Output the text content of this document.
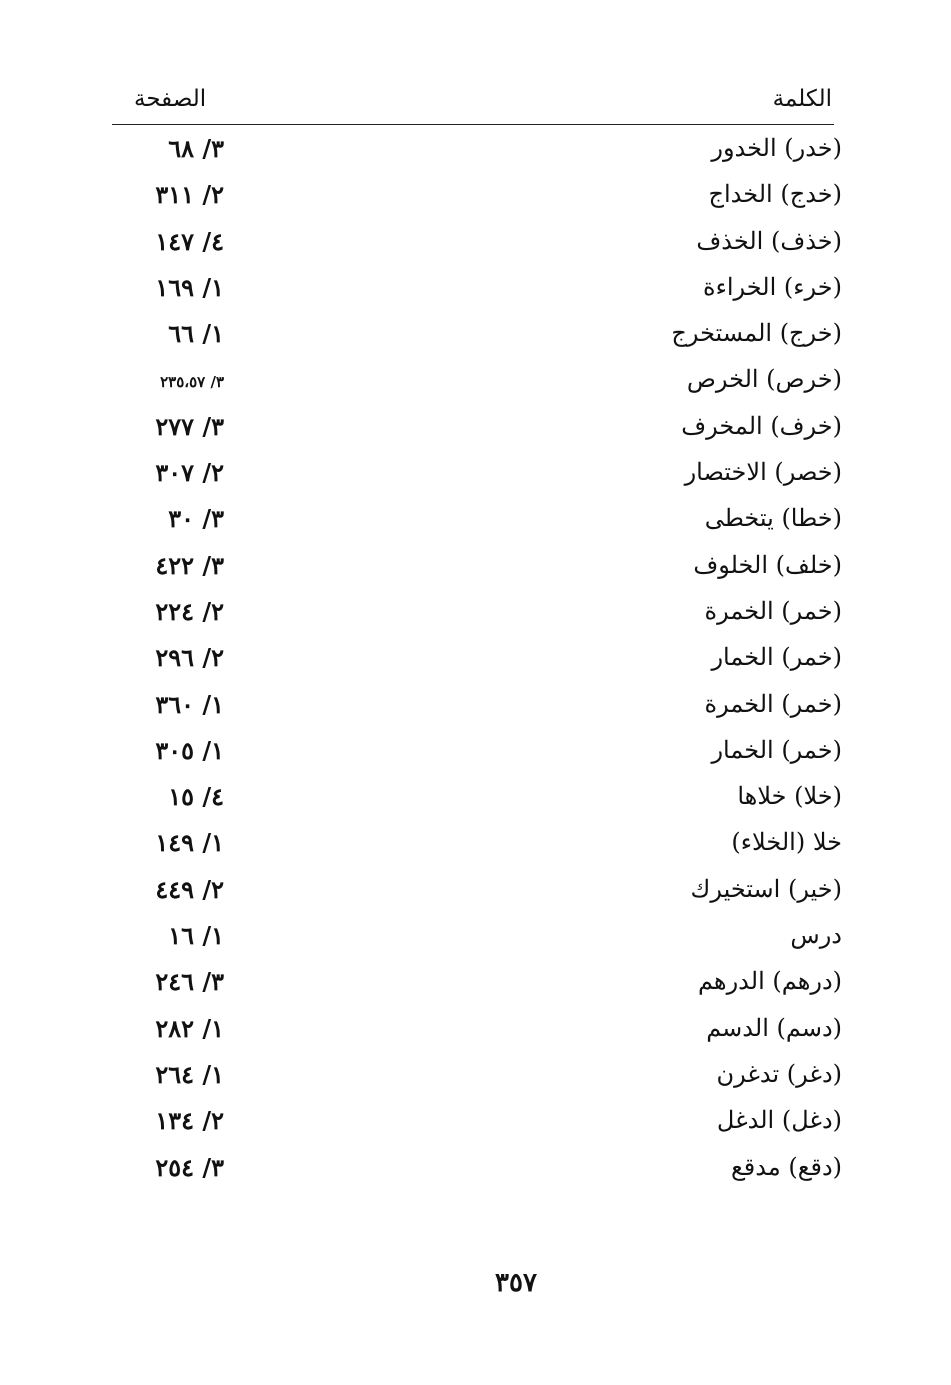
الكلمة
الصفحة
(خدر) الخدور
٣/ ٦٨
(خدج) الخداج
٢/ ٣١١
(خذف) الخذف
٤/ ١٤٧
(خرء) الخراءة
١/ ١٦٩
(خرج) المستخرج
١/ ٦٦
(خرص) الخرص
٣/ ٢٣٥،٥٧
(خرف) المخرف
٣/ ٢٧٧
(خصر) الاختصار
٢/ ٣٠٧
(خطا) يتخطى
٣/ ٣٠
(خلف) الخلوف
٣/ ٤٢٢
(خمر) الخمرة
٢/ ٢٢٤
(خمر) الخمار
٢/ ٢٩٦
(خمر) الخمرة
١/ ٣٦٠
(خمر) الخمار
١/ ٣٠٥
(خلا) خلاها
٤/ ١٥
خلا (الخلاء)
١/ ١٤٩
(خير) استخيرك
٢/ ٤٤٩
درس
١/ ١٦
(درهم) الدرهم
٣/ ٢٤٦
(دسم) الدسم
١/ ٢٨٢
(دغر) تدغرن
١/ ٢٦٤
(دغل) الدغل
٢/ ١٣٤
(دقع) مدقع
٣/ ٢٥٤
٣٥٧
